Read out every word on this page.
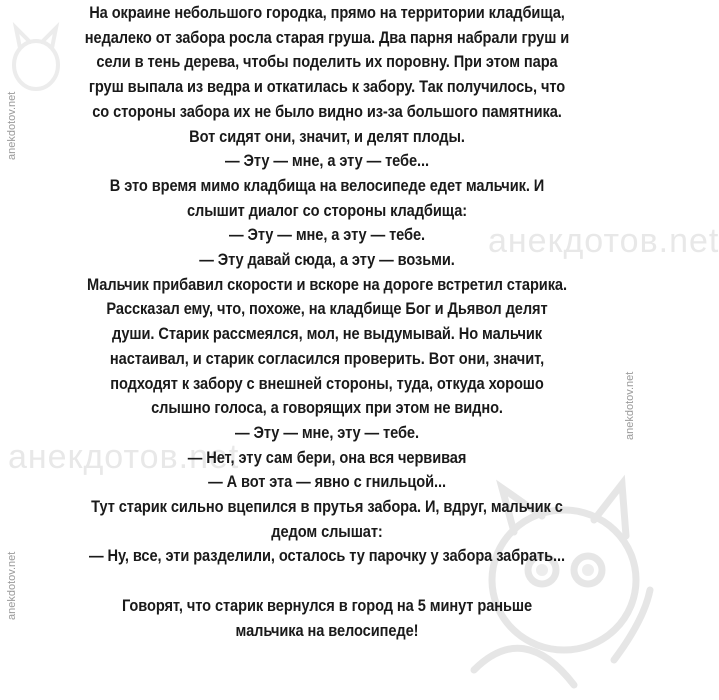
анекдотов.net
анекдотов.net
anekdotov.net
anekdotov.net
anekdotov.net
На окраине небольшого городка, прямо на территории кладбища,
недалеко от забора росла старая груша. Два парня набрали груш и
сели в тень дерева, чтобы поделить их поровну. При этом пара
груш выпала из ведра и откатилась к забору. Так получилось, что
со стороны забора их не было видно из-за большого памятника.
Вот сидят они, значит, и делят плоды.
— Эту — мне, а эту — тебе...
В это время мимо кладбища на велосипеде едет мальчик. И
слышит диалог со стороны кладбища:
— Эту — мне, а эту — тебе.
— Эту давай сюда, а эту — возьми.
Мальчик прибавил скорости и вскоре на дороге встретил старика.
Рассказал ему, что, похоже, на кладбище Бог и Дьявол делят
души. Старик рассмеялся, мол, не выдумывай. Но мальчик
настаивал, и старик согласился проверить. Вот они, значит,
подходят к забору с внешней стороны, туда, откуда хорошо
слышно голоса, а говорящих при этом не видно.
— Эту — мне, эту — тебе.
— Нет, эту сам бери, она вся червивая
— А вот эта — явно с гнильцой...
Тут старик сильно вцепился в прутья забора. И, вдруг, мальчик с
дедом слышат:
— Ну, все, эти разделили, осталось ту парочку у забора забрать...
Говорят, что старик вернулся в город на 5 минут раньше
мальчика на велосипеде!
